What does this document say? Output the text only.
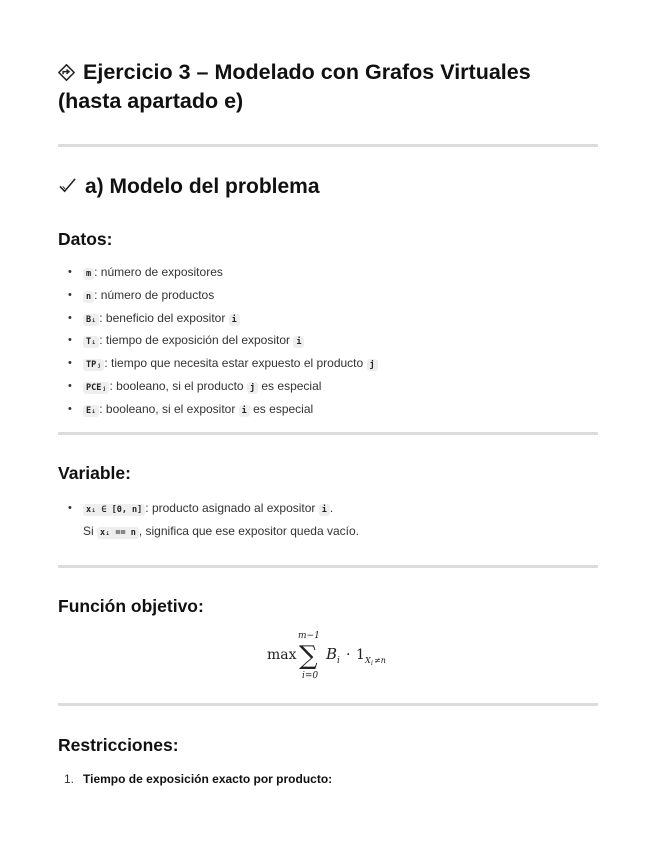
Ejercicio 3 – Modelado con Grafos Virtuales (hasta apartado e)
a) Modelo del problema
Datos:
• m : número de expositores
• n : número de productos
• Bᵢ : beneficio del expositor i
• Tᵢ : tiempo de exposición del expositor i
• TPⱼ : tiempo que necesita estar expuesto el producto j
• PCEⱼ : booleano, si el producto j es especial
• Eᵢ : booleano, si el expositor i es especial
Variable:
• xᵢ ∈ [0, n] : producto asignado al expositor i .
Si xᵢ == n , significa que ese expositor queda vacío.
Función objetivo:
max ∑
m−1
i=0
B i · 1 X i ≠n
Restricciones:
1. Tiempo de exposición exacto por producto:
